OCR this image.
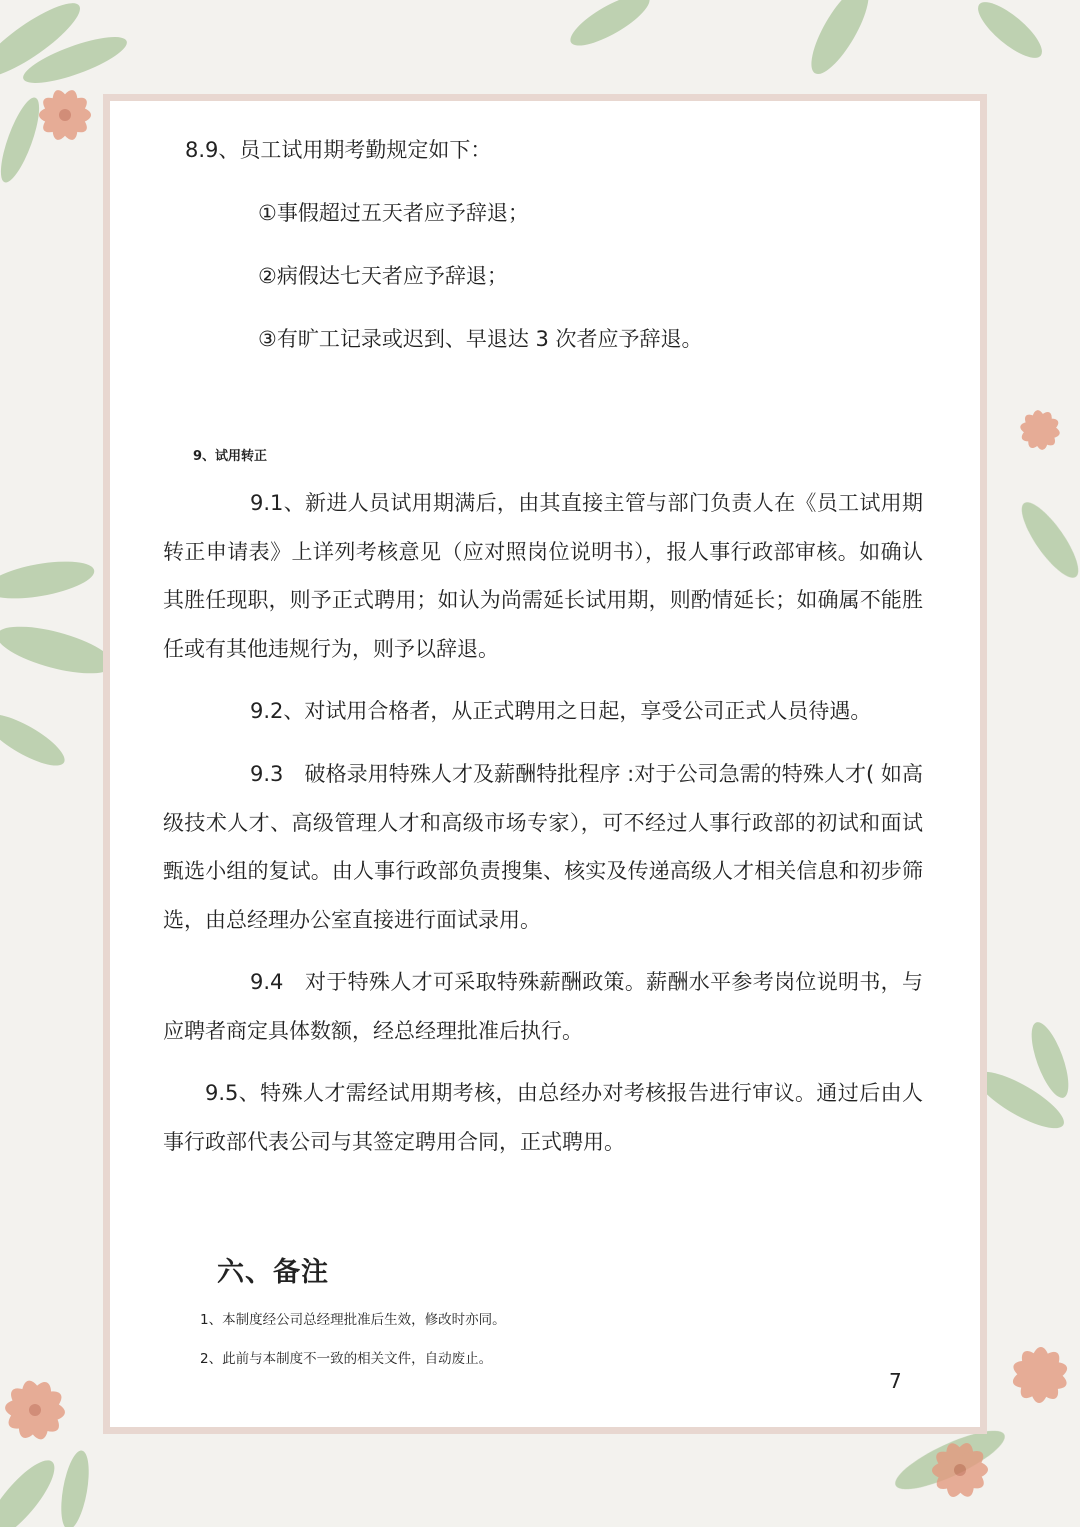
8.9、员工试用期考勤规定如下：
①事假超过五天者应予辞退；
②病假达七天者应予辞退；
③有旷工记录或迟到、早退达 3 次者应予辞退。
9、试用转正
9.1、新进人员试用期满后，由其直接主管与部门负责人在《员工试用期转正申请表》上详列考核意见（应对照岗位说明书），报人事行政部审核。如确认其胜任现职，则予正式聘用；如认为尚需延长试用期，则酌情延长；如确属不能胜任或有其他违规行为，则予以辞退。
9.2、对试用合格者，从正式聘用之日起，享受公司正式人员待遇。
9.3　破格录用特殊人才及薪酬特批程序 :对于公司急需的特殊人才( 如高级技术人才、高级管理人才和高级市场专家），可不经过人事行政部的初试和面试甄选小组的复试。由人事行政部负责搜集、核实及传递高级人才相关信息和初步筛选，由总经理办公室直接进行面试录用。
9.4　对于特殊人才可采取特殊薪酬政策。薪酬水平参考岗位说明书，与应聘者商定具体数额，经总经理批准后执行。
9.5、特殊人才需经试用期考核，由总经办对考核报告进行审议。通过后由人事行政部代表公司与其签定聘用合同，正式聘用。
六、备注
1、本制度经公司总经理批准后生效，修改时亦同。
2、此前与本制度不一致的相关文件，自动废止。
7
